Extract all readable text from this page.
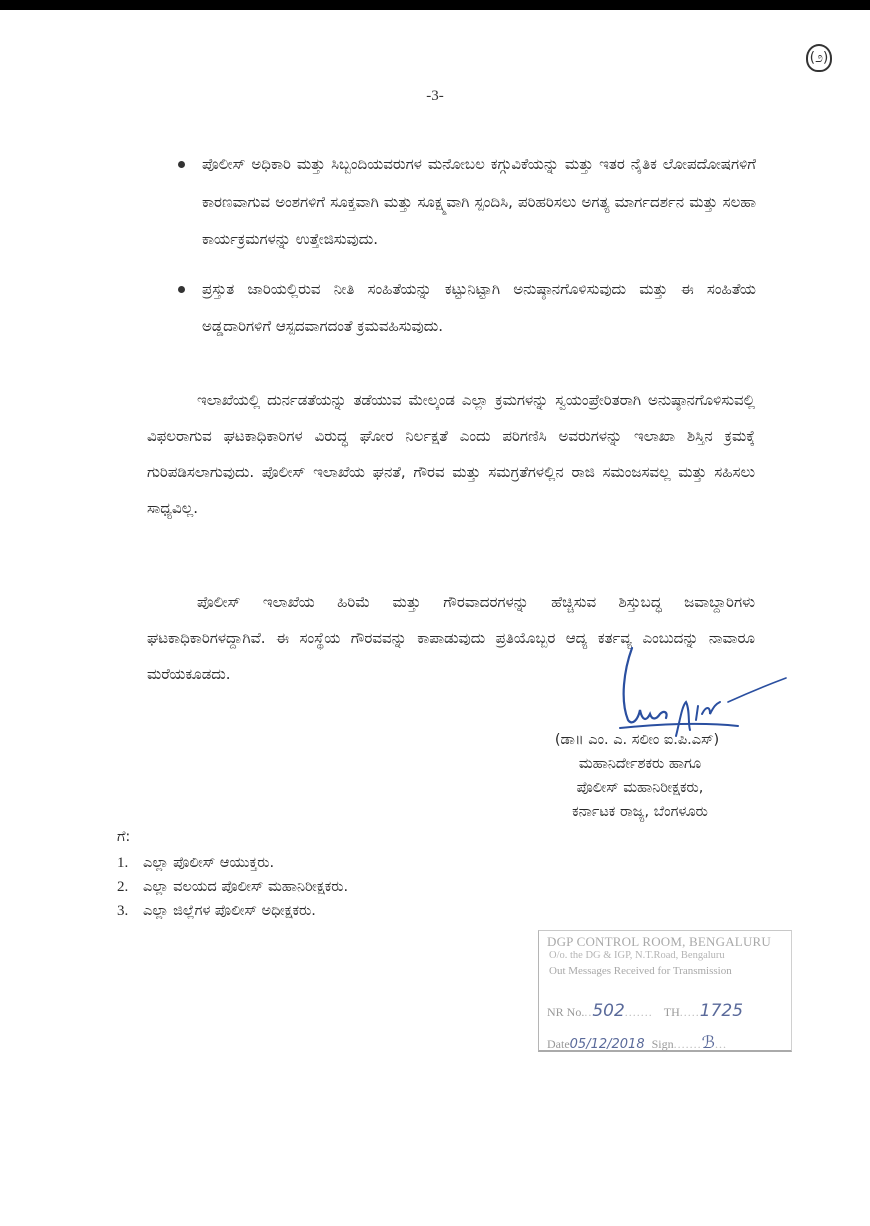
(೨)
-3-
ಪೊಲೀಸ್ ಅಧಿಕಾರಿ ಮತ್ತು ಸಿಬ್ಬಂದಿಯವರುಗಳ ಮನೋಬಲ ಕಗ್ಗುವಿಕೆಯನ್ನು ಮತ್ತು ಇತರ ನೈತಿಕ ಲೋಪದೋಷಗಳಿಗೆ ಕಾರಣವಾಗುವ ಅಂಶಗಳಿಗೆ ಸೂಕ್ತವಾಗಿ ಮತ್ತು ಸೂಕ್ಷ್ಮವಾಗಿ ಸ್ಪಂದಿಸಿ, ಪರಿಹರಿಸಲು ಅಗತ್ಯ ಮಾರ್ಗದರ್ಶನ ಮತ್ತು ಸಲಹಾ ಕಾರ್ಯಕ್ರಮಗಳನ್ನು ಉತ್ತೇಜಿಸುವುದು.
ಪ್ರಸ್ತುತ ಜಾರಿಯಲ್ಲಿರುವ ನೀತಿ ಸಂಹಿತೆಯನ್ನು ಕಟ್ಟುನಿಟ್ಟಾಗಿ ಅನುಷ್ಠಾನಗೊಳಿಸುವುದು ಮತ್ತು ಈ ಸಂಹಿತೆಯ ಅಡ್ಡದಾರಿಗಳಿಗೆ ಆಸ್ಪದವಾಗದಂತೆ ಕ್ರಮವಹಿಸುವುದು.

ಇಲಾಖೆಯಲ್ಲಿ ದುರ್ನಡತೆಯನ್ನು ತಡೆಯುವ ಮೇಲ್ಕಂಡ ಎಲ್ಲಾ ಕ್ರಮಗಳನ್ನು ಸ್ವಯಂಪ್ರೇರಿತರಾಗಿ ಅನುಷ್ಠಾನಗೊಳಿಸುವಲ್ಲಿ ವಿಫಲರಾಗುವ ಘಟಕಾಧಿಕಾರಿಗಳ ವಿರುದ್ಧ ಘೋರ ನಿರ್ಲಕ್ಷತೆ ಎಂದು ಪರಿಗಣಿಸಿ ಅವರುಗಳನ್ನು ಇಲಾಖಾ ಶಿಸ್ತಿನ ಕ್ರಮಕ್ಕೆ ಗುರಿಪಡಿಸಲಾಗುವುದು. ಪೊಲೀಸ್ ಇಲಾಖೆಯ ಘನತೆ, ಗೌರವ ಮತ್ತು ಸಮಗ್ರತೆಗಳಲ್ಲಿನ ರಾಜಿ ಸಮಂಜಸವಲ್ಲ ಮತ್ತು ಸಹಿಸಲು ಸಾಧ್ಯವಿಲ್ಲ.

ಪೊಲೀಸ್ ಇಲಾಖೆಯ ಹಿರಿಮೆ ಮತ್ತು ಗೌರವಾದರಗಳನ್ನು ಹೆಚ್ಚಿಸುವ ಶಿಸ್ತುಬದ್ಧ ಜವಾಬ್ದಾರಿಗಳು ಘಟಕಾಧಿಕಾರಿಗಳದ್ದಾಗಿವೆ. ಈ ಸಂಸ್ಥೆಯ ಗೌರವವನ್ನು ಕಾಪಾಡುವುದು ಪ್ರತಿಯೊಬ್ಬರ ಆದ್ಯ ಕರ್ತವ್ಯ ಎಂಬುದನ್ನು ನಾವಾರೂ ಮರೆಯಕೂಡದು.

(ಡಾ॥ ಎಂ. ಎ. ಸಲೀಂ ಐ.ಪಿ.ಎಸ್)
ಮಹಾನಿರ್ದೇಶಕರು ಹಾಗೂ
ಪೊಲೀಸ್ ಮಹಾನಿರೀಕ್ಷಕರು,
ಕರ್ನಾಟಕ ರಾಜ್ಯ, ಬೆಂಗಳೂರು
ಗೆ:
1.	ಎಲ್ಲಾ ಪೊಲೀಸ್ ಆಯುಕ್ತರು.
2.	ಎಲ್ಲಾ ವಲಯದ ಪೊಲೀಸ್ ಮಹಾನಿರೀಕ್ಷಕರು.
3.	ಎಲ್ಲಾ ಜಿಲ್ಲೆಗಳ ಪೊಲೀಸ್ ಅಧೀಕ್ಷಕರು.
DGP CONTROL ROOM, BENGALURU
O/o. the DG & IGP, N.T.Road, Bengaluru
Out Messages Received for Transmission
NR No...502....... TH.....1725
Date05/12/2018 Sign.......ℬ...
